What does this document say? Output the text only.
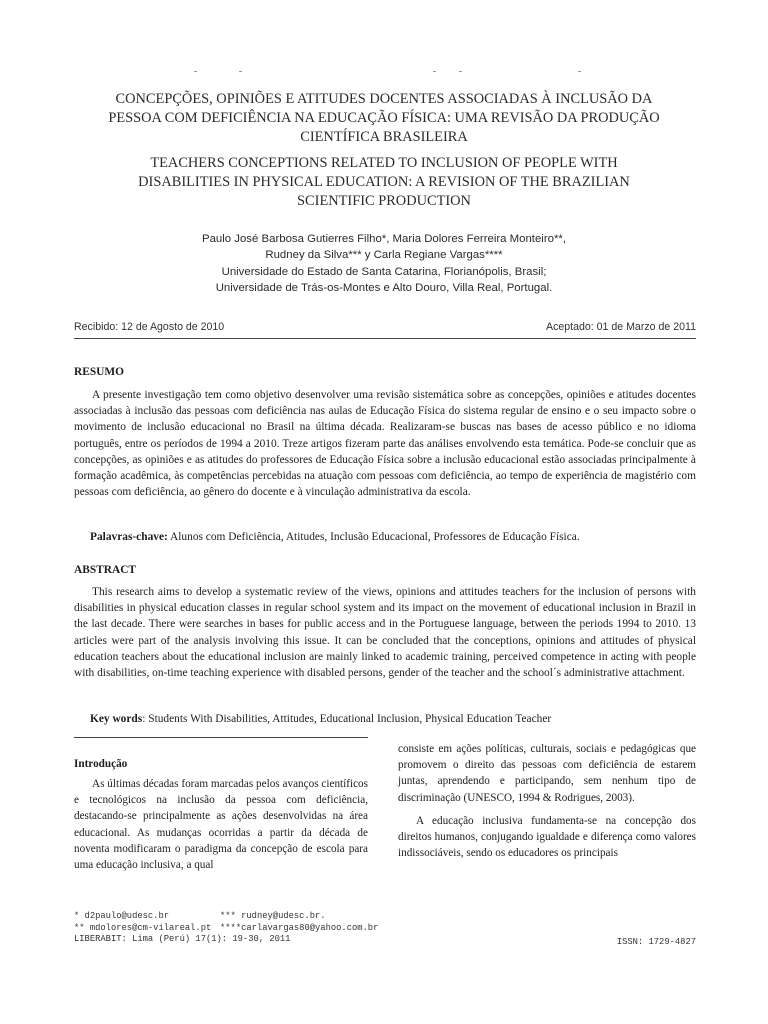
CONCEPÇÕES, OPINIÕES E ATITUDES DOCENTES ASSOCIADAS À INCLUSÃO DA
PESSOA COM DEFICIÊNCIA NA EDUCAÇÃO FÍSICA: UMA REVISÃO DA PRODUÇÃO
CIENTÍFICA BRASILEIRA
TEACHERS CONCEPTIONS RELATED TO INCLUSION OF PEOPLE WITH
DISABILITIES IN PHYSICAL EDUCATION: A REVISION OF THE BRAZILIAN
SCIENTIFIC PRODUCTION
Paulo José Barbosa Gutierres Filho*, Maria Dolores Ferreira Monteiro**,
Rudney da Silva*** y Carla Regiane Vargas****
Universidade do Estado de Santa Catarina, Florianópolis, Brasil;
Universidade de Trás-os-Montes e Alto Douro, Villa Real, Portugal.
Recibido: 12 de Agosto de 2010	Aceptado: 01 de Marzo de 2011
RESUMO
A presente investigação tem como objetivo desenvolver uma revisão sistemática sobre as concepções, opiniões e atitudes docentes associadas à inclusão das pessoas com deficiência nas aulas de Educação Física do sistema regular de ensino e o seu impacto sobre o movimento de inclusão educacional no Brasil na última década. Realizaram-se buscas nas bases de acesso público e no idioma português, entre os períodos de 1994 a 2010. Treze artigos fizeram parte das análises envolvendo esta temática. Pode-se concluir que as concepções, as opiniões e as atitudes do professores de Educação Física sobre a inclusão educacional estão associadas principalmente à formação acadêmica, às competências percebidas na atuação com pessoas com deficiência, ao tempo de experiência de magistério com pessoas com deficiência, ao gênero do docente e à vinculação administrativa da escola.
Palavras-chave: Alunos com Deficiência, Atitudes, Inclusão Educacional, Professores de Educação Física.
ABSTRACT
This research aims to develop a systematic review of the views, opinions and attitudes teachers for the inclusion of persons with disabilities in physical education classes in regular school system and its impact on the movement of educational inclusion in Brazil in the last decade. There were searches in bases for public access and in the Portuguese language, between the periods 1994 to 2010. 13 articles were part of the analysis involving this issue. It can be concluded that the conceptions, opinions and attitudes of physical education teachers about the educational inclusion are mainly linked to academic training, perceived competence in acting with people with disabilities, on-time teaching experience with disabled persons, gender of the teacher and the school´s administrative attachment.
Key words: Students With Disabilities, Attitudes, Educational Inclusion, Physical Education Teacher
Introdução

As últimas décadas foram marcadas pelos avanços científicos e tecnológicos na inclusão da pessoa com deficiência, destacando-se principalmente as ações desenvolvidas na área educacional. As mudanças ocorridas a partir da década de noventa modificaram o paradigma da concepção de escola para uma educação inclusiva, a qual

consiste em ações políticas, culturais, sociais e pedagógicas que promovem o direito das pessoas com deficiência de estarem juntas, aprendendo e participando, sem nenhum tipo de discriminação (UNESCO, 1994 & Rodrigues, 2003).

A educação inclusiva fundamenta-se na concepção dos direitos humanos, conjugando igualdade e diferença como valores indissociáveis, sendo os educadores os principais

* d2paulo@udesc.br	*** rudney@udesc.br.
** mdolores@cm-vilareal.pt ****carlavargas80@yahoo.com.br
LIBERABIT: Lima (Perú) 17(1): 19-30, 2011	ISSN: 1729-4827
